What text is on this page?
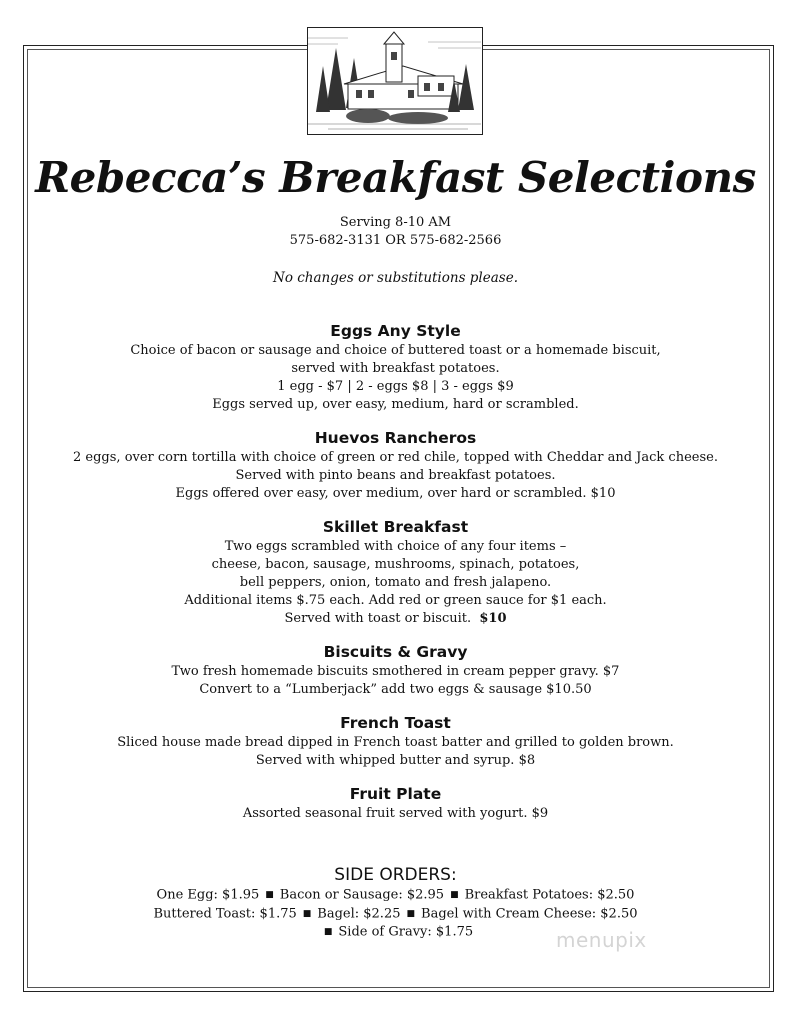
Rebecca’s Breakfast Selections
Serving 8-10 AM
575-682-3131 OR 575-682-2566
No changes or substitutions please.

Eggs Any Style

Choice of bacon or sausage and choice of buttered toast or a homemade biscuit,

served with breakfast potatoes.

1 egg - $7 | 2 - eggs $8 | 3 - eggs $9

Eggs served up, over easy, medium, hard or scrambled.

Huevos Rancheros

2 eggs, over corn tortilla with choice of green or red chile, topped with Cheddar and Jack cheese.

Served with pinto beans and breakfast potatoes.

Eggs offered over easy, over medium, over hard or scrambled. $10

Skillet Breakfast

Two eggs scrambled with choice of any four items –

cheese, bacon, sausage, mushrooms, spinach, potatoes,

bell peppers, onion, tomato and fresh jalapeno.

Additional items $.75 each. Add red or green sauce for $1 each.

Served with toast or biscuit. $10

Biscuits & Gravy

Two fresh homemade biscuits smothered in cream pepper gravy. $7

Convert to a “Lumberjack” add two eggs & sausage $10.50

French Toast

Sliced house made bread dipped in French toast batter and grilled to golden brown.

Served with whipped butter and syrup. $8

Fruit Plate

Assorted seasonal fruit served with yogurt. $9

SIDE ORDERS:

One Egg: $1.95 ■ Bacon or Sausage: $2.95 ■ Breakfast Potatoes: $2.50

Buttered Toast: $1.75 ■ Bagel: $2.25 ■ Bagel with Cream Cheese: $2.50

■ Side of Gravy: $1.75	menupix
